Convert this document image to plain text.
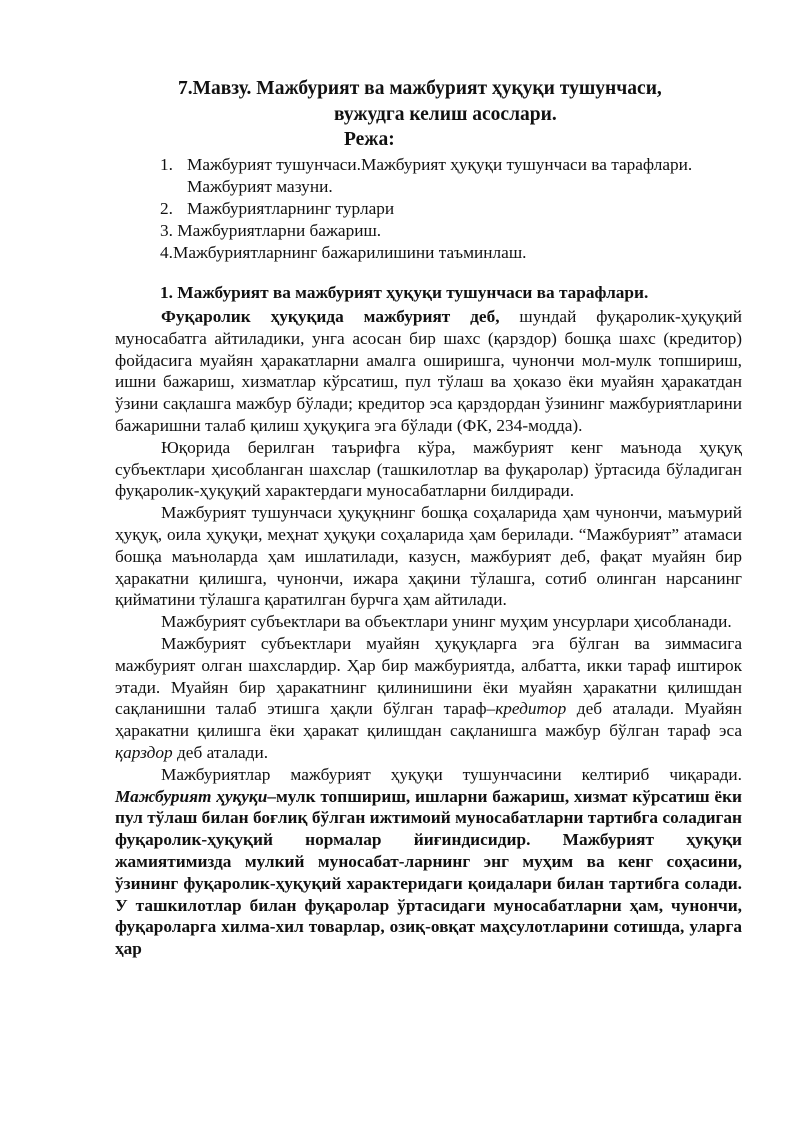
7.Мавзу. Мажбурият ва мажбурият ҳуқуқи тушунчаси,
вужудга келиш асослари.
Режа:
1. Мажбурият тушунчаси.Мажбурият ҳуқуқи тушунчаси ва тарафлари.
Мажбурият мазуни.
2. Мажбуриятларнинг турлари
3. Мажбуриятларни бажариш.
4.Мажбуриятларнинг бажарилишини таъминлаш.
1. Мажбурият ва мажбурият ҳуқуқи тушунчаси ва тарафлари.

Фуқаролик ҳуқуқида мажбурият деб, шундай фуқаролик-ҳуқуқий муносабатга айтиладики, унга асосан бир шахс (қарздор) бошқа шахс (кредитор) фойдасига муайян ҳаракатларни амалга оширишга, чунончи мол-мулк топшириш, ишни бажариш, хизматлар кўрсатиш, пул тўлаш ва ҳоказо ёки муайян ҳаракатдан ўзини сақлашга мажбур бўлади; кредитор эса қарздордан ўзининг мажбуриятларини бажаришни талаб қилиш ҳуқуқига эга бўлади (ФК, 234-модда).

Юқорида берилган таърифга кўра, мажбурият кенг маънода ҳуқуқ субъектлари ҳисобланган шахслар (ташкилотлар ва фуқаролар) ўртасида бўладиган фуқаролик-ҳуқуқий характердаги муносабатларни билдиради.

Мажбурият тушунчаси ҳуқуқнинг бошқа соҳаларида ҳам чунончи, маъмурий ҳуқуқ, оила ҳуқуқи, меҳнат ҳуқуқи соҳаларида ҳам берилади. “Мажбурият” атамаси бошқа маъноларда ҳам ишлатилади, казусн, мажбурият деб, фақат муайян бир ҳаракатни қилишга, чунончи, ижара ҳақини тўлашга, сотиб олинган нарсанинг қийматини тўлашга қаратилган бурчга ҳам айтилади.

Мажбурият субъектлари ва объектлари унинг муҳим унсурлари ҳисобланади.

Мажбурият субъектлари муайян ҳуқуқларга эга бўлган ва зиммасига мажбурият олган шахслардир. Ҳар бир мажбуриятда, албатта, икки тараф иштирок этади. Муайян бир ҳаракатнинг қилинишини ёки муайян ҳаракатни қилишдан сақланишни талаб этишга ҳақли бўлган тараф–кредитор деб аталади. Муайян ҳаракатни қилишга ёки ҳаракат қилишдан сақланишга мажбур бўлган тараф эса қарздор деб аталади.

Мажбуриятлар мажбурият ҳуқуқи тушунчасини келтириб чиқаради. Мажбурият ҳуқуқи–мулк топшириш, ишларни бажариш, хизмат кўрсатиш ёки пул тўлаш билан боғлиқ бўлган ижтимоий муносабатларни тартибга соладиган фуқаролик-ҳуқуқий нормалар йиғиндисидир. Мажбурият ҳуқуқи жамиятимизда мулкий муносабат-ларнинг энг муҳим ва кенг соҳасини, ўзининг фуқаролик-ҳуқуқий характеридаги қоидалари билан тартибга солади. У ташкилотлар билан фуқаролар ўртасидаги муносабатларни ҳам, чунончи, фуқароларга хилма-хил товарлар, озиқ-овқат маҳсулотларини сотишда, уларга ҳар
